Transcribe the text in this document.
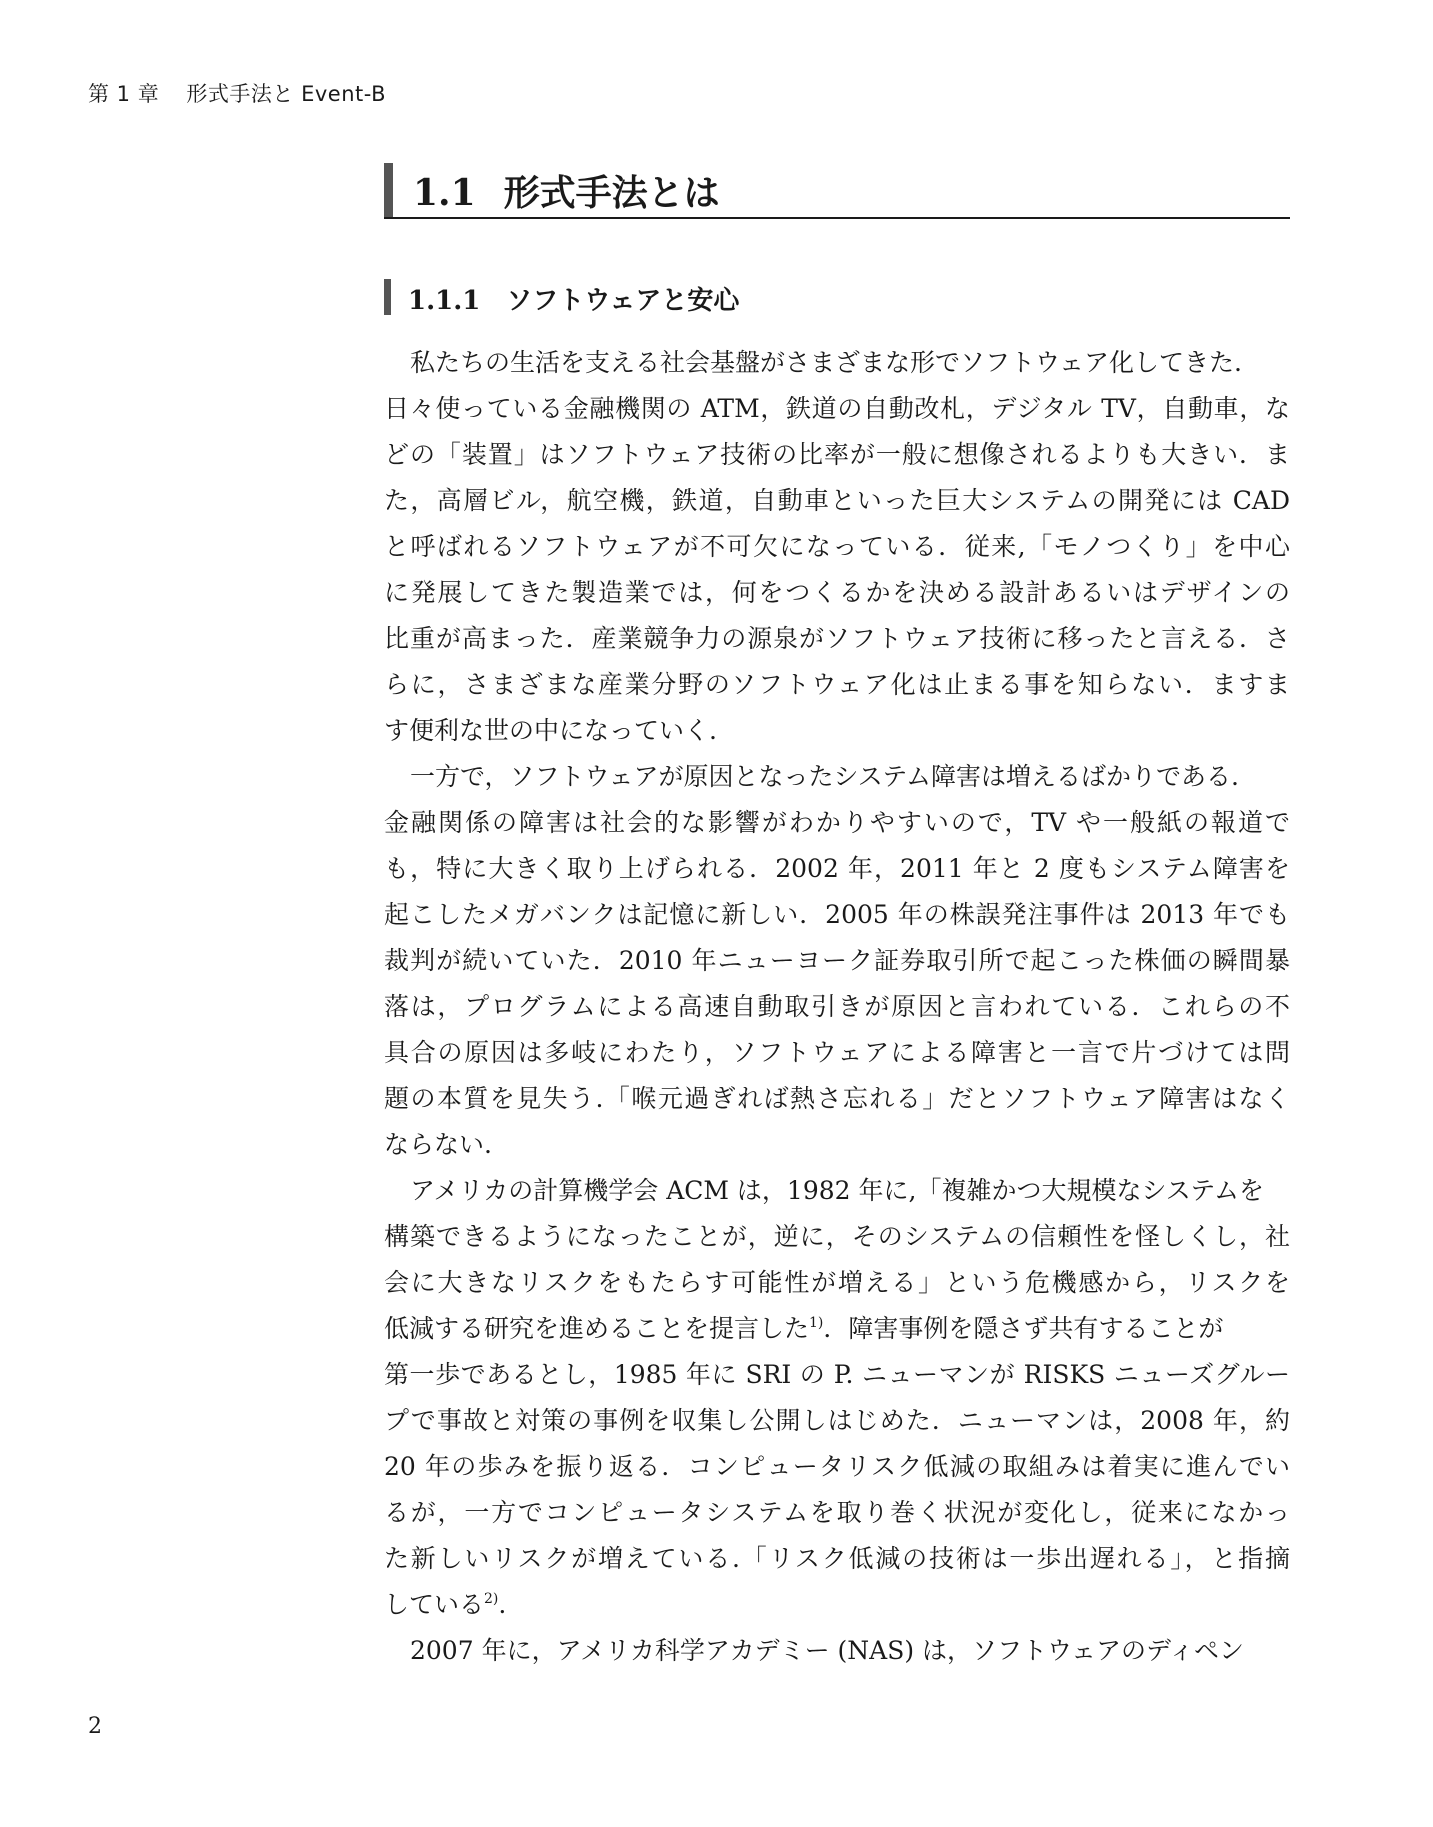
第 1 章 形式手法と Event-B
1.1 形式手法とは
1.1.1 ソフトウェアと安心
私たちの生活を支える社会基盤がさまざまな形でソフトウェア化してきた.
日々使っている金融機関の ATM，鉄道の自動改札，デジタル TV，自動車，な
どの「装置」はソフトウェア技術の比率が一般に想像されるよりも大きい．ま
た，高層ビル，航空機，鉄道，自動車といった巨大システムの開発には CAD
と呼ばれるソフトウェアが不可欠になっている．従来,「モノつくり」を中心
に発展してきた製造業では，何をつくるかを決める設計あるいはデザインの
比重が高まった．産業競争力の源泉がソフトウェア技術に移ったと言える．さ
らに，さまざまな産業分野のソフトウェア化は止まる事を知らない．ますま
す便利な世の中になっていく.
一方で，ソフトウェアが原因となったシステム障害は増えるばかりである.
金融関係の障害は社会的な影響がわかりやすいので，TV や一般紙の報道で
も，特に大きく取り上げられる．2002 年，2011 年と 2 度もシステム障害を
起こしたメガバンクは記憶に新しい．2005 年の株誤発注事件は 2013 年でも
裁判が続いていた．2010 年ニューヨーク証券取引所で起こった株価の瞬間暴
落は，プログラムによる高速自動取引きが原因と言われている．これらの不
具合の原因は多岐にわたり，ソフトウェアによる障害と一言で片づけては問
題の本質を見失う.「喉元過ぎれば熱さ忘れる」だとソフトウェア障害はなく
ならない.
アメリカの計算機学会 ACM は，1982 年に,「複雑かつ大規模なシステムを
構築できるようになったことが，逆に，そのシステムの信頼性を怪しくし，社
会に大きなリスクをもたらす可能性が増える」という危機感から，リスクを
低減する研究を進めることを提言した$^{1)}$．障害事例を隠さず共有することが
第一歩であるとし，1985 年に SRI の P. ニューマンが RISKS ニューズグルー
プで事故と対策の事例を収集し公開しはじめた．ニューマンは，2008 年，約
20 年の歩みを振り返る．コンピュータリスク低減の取組みは着実に進んでい
るが，一方でコンピュータシステムを取り巻く状況が変化し，従来になかっ
た新しいリスクが増えている.「リスク低減の技術は一歩出遅れる」，と指摘
している$^{2)}$.
2007 年に，アメリカ科学アカデミー (NAS) は，ソフトウェアのディペン
2
